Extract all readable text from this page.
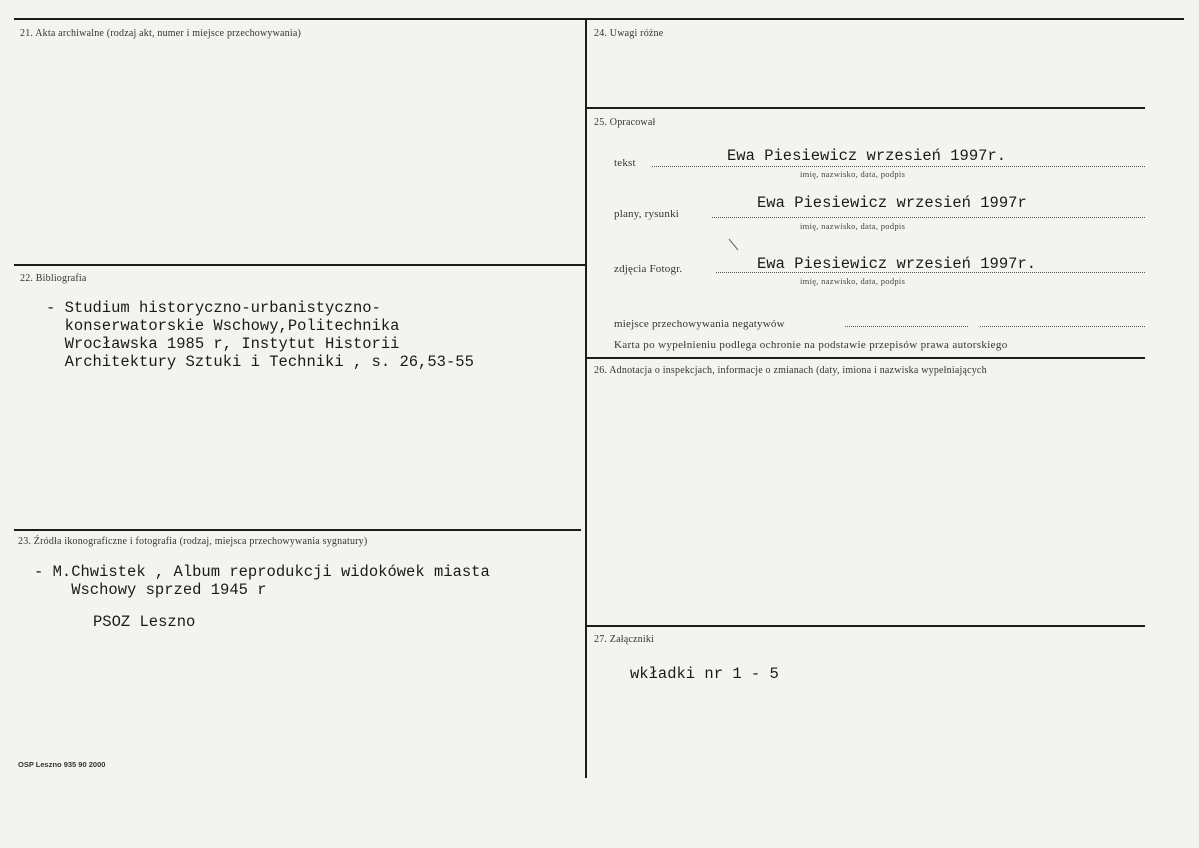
21. Akta archiwalne (rodzaj akt, numer i miejsce przechowywania)
22. Bibliografia
- Studium historyczno-urbanistyczno-
konserwatorskie Wschowy,Politechnika
Wrocławska 1985 r, Instytut Historii
Architektury Sztuki i Techniki , s. 26,53-55
23. Źródła ikonograficzne i fotografia (rodzaj, miejsca przechowywania sygnatury)
- M.Chwistek , Album reprodukcji widokówek miasta
Wschowy sprzed 1945 r
PSOZ Leszno
OSP Leszno 935 90 2000
24. Uwagi różne
25. Opracował
tekst	Ewa Piesiewicz wrzesień 1997r.
imię, nazwisko, data, podpis
plany, rysunki
Ewa Piesiewicz wrzesień 1997r
imię, nazwisko, data, podpis
zdjęcia Fotogr.	Ewa Piesiewicz wrzesień 1997r.
imię, nazwisko, data, podpis
miejsce przechowywania negatywów
Karta po wypełnieniu podlega ochronie na podstawie przepisów prawa autorskiego
26. Adnotacja o inspekcjach, informacje o zmianach (daty, imiona i nazwiska wypełniających
27. Załączniki
wkładki nr 1 - 5
